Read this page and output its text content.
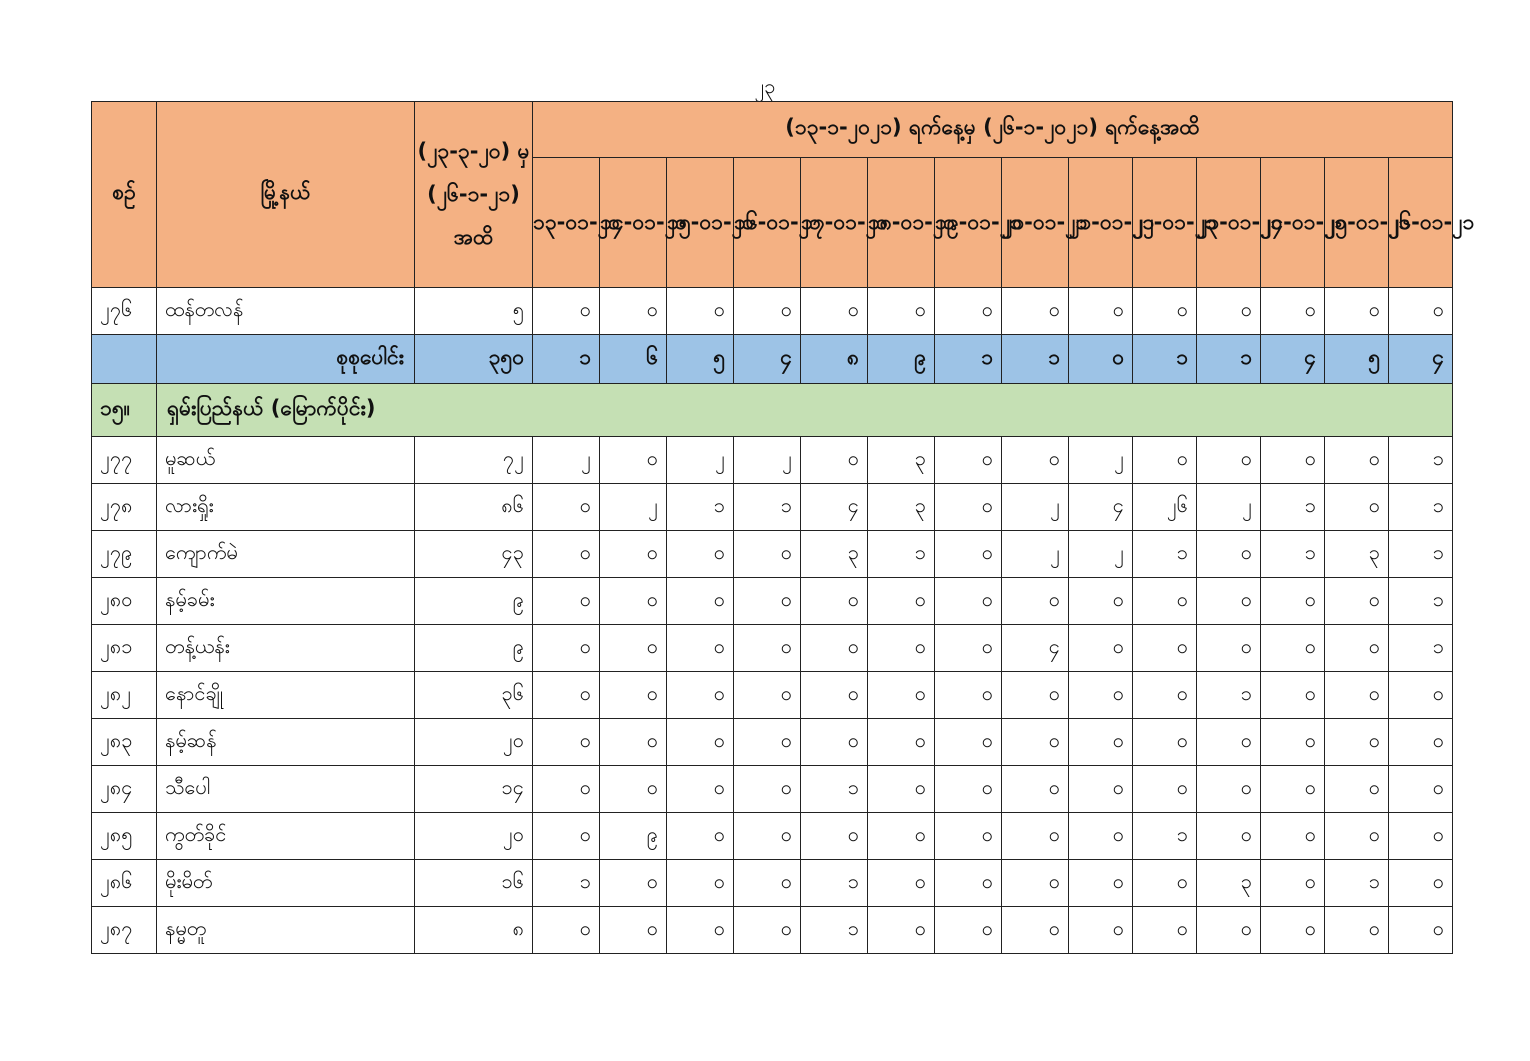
၂၃
စဉ်	မြို့နယ်	(၂၃-၃-၂၀) မှ (၂၆-၁-၂၁) အထိ	(၁၃-၁-၂၀၂၁) ရက်နေ့မှ (၂၆-၁-၂၀၂၁) ရက်နေ့အထိ													
			၁၃-၀၁-၂၁	၁၄-၀၁-၂၁	၁၅-၀၁-၂၁	၁၆-၀၁-၂၁	၁၇-၀၁-၂၁	၁၈-၀၁-၂၁	၁၉-၀၁-၂၁	၂၀-၀၁-၂၁	၂၁-၀၁-၂၁	၂၂-၀၁-၂၁	၂၃-၀၁-၂၁	၂၄-၀၁-၂၁	၂၅-၀၁-၂၁	၂၆-၀၁-၂၁
၂၇၆	ထန်တလန်	၅	၀	၀	၀	၀	၀	၀	၀	၀	၀	၀	၀	၀	၀	၀
	စုစုပေါင်း	၃၅၀	၁	၆	၅	၄	၈	၉	၁	၁	၀	၁	၁	၄	၅	၄
၁၅။	ရှမ်းပြည်နယ် (မြောက်ပိုင်း)															
၂၇၇	မူဆယ်	၇၂	၂	၀	၂	၂	၀	၃	၀	၀	၂	၀	၀	၀	၀	၁
၂၇၈	လားရှိုး	၈၆	၀	၂	၁	၁	၄	၃	၀	၂	၄	၂၆	၂	၁	၀	၁
၂၇၉	ကျောက်မဲ	၄၃	၀	၀	၀	၀	၃	၁	၀	၂	၂	၁	၀	၁	၃	၁
၂၈၀	နမ့်ခမ်း	၉	၀	၀	၀	၀	၀	၀	၀	၀	၀	၀	၀	၀	၀	၁
၂၈၁	တန့်ယန်း	၉	၀	၀	၀	၀	၀	၀	၀	၄	၀	၀	၀	၀	၀	၁
၂၈၂	နောင်ချို	၃၆	၀	၀	၀	၀	၀	၀	၀	၀	၀	၀	၁	၀	၀	၀
၂၈၃	နမ့်ဆန်	၂၀	၀	၀	၀	၀	၀	၀	၀	၀	၀	၀	၀	၀	၀	၀
၂၈၄	သီပေါ	၁၄	၀	၀	၀	၀	၁	၀	၀	၀	၀	၀	၀	၀	၀	၀
၂၈၅	ကွတ်ခိုင်	၂၀	၀	၉	၀	၀	၀	၀	၀	၀	၀	၁	၀	၀	၀	၀
၂၈၆	မိုးမိတ်	၁၆	၁	၀	၀	၀	၁	၀	၀	၀	၀	၀	၃	၀	၁	၀
၂၈၇	နမ္မတူ	၈	၀	၀	၀	၀	၁	၀	၀	၀	၀	၀	၀	၀	၀	၀
